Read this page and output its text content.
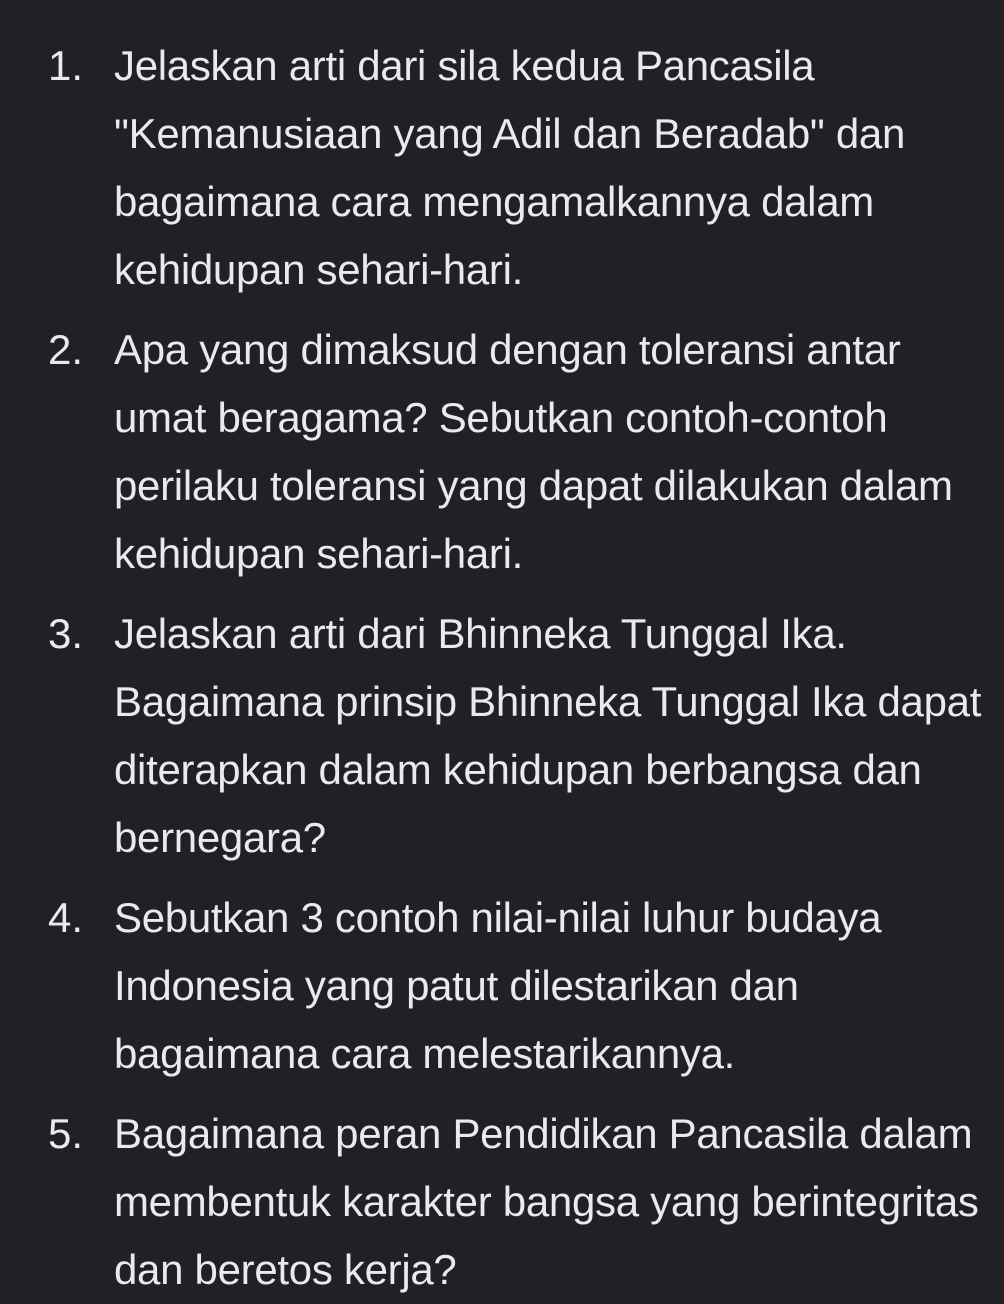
1. Jelaskan arti dari sila kedua Pancasila "Kemanusiaan yang Adil dan Beradab" dan bagaimana cara mengamalkannya dalam kehidupan sehari-hari.
2. Apa yang dimaksud dengan toleransi antar umat beragama? Sebutkan contoh-contoh perilaku toleransi yang dapat dilakukan dalam kehidupan sehari-hari.
3. Jelaskan arti dari Bhinneka Tunggal Ika. Bagaimana prinsip Bhinneka Tunggal Ika dapat diterapkan dalam kehidupan berbangsa dan bernegara?
4. Sebutkan 3 contoh nilai-nilai luhur budaya Indonesia yang patut dilestarikan dan bagaimana cara melestarikannya.
5. Bagaimana peran Pendidikan Pancasila dalam membentuk karakter bangsa yang berintegritas dan beretos kerja?
